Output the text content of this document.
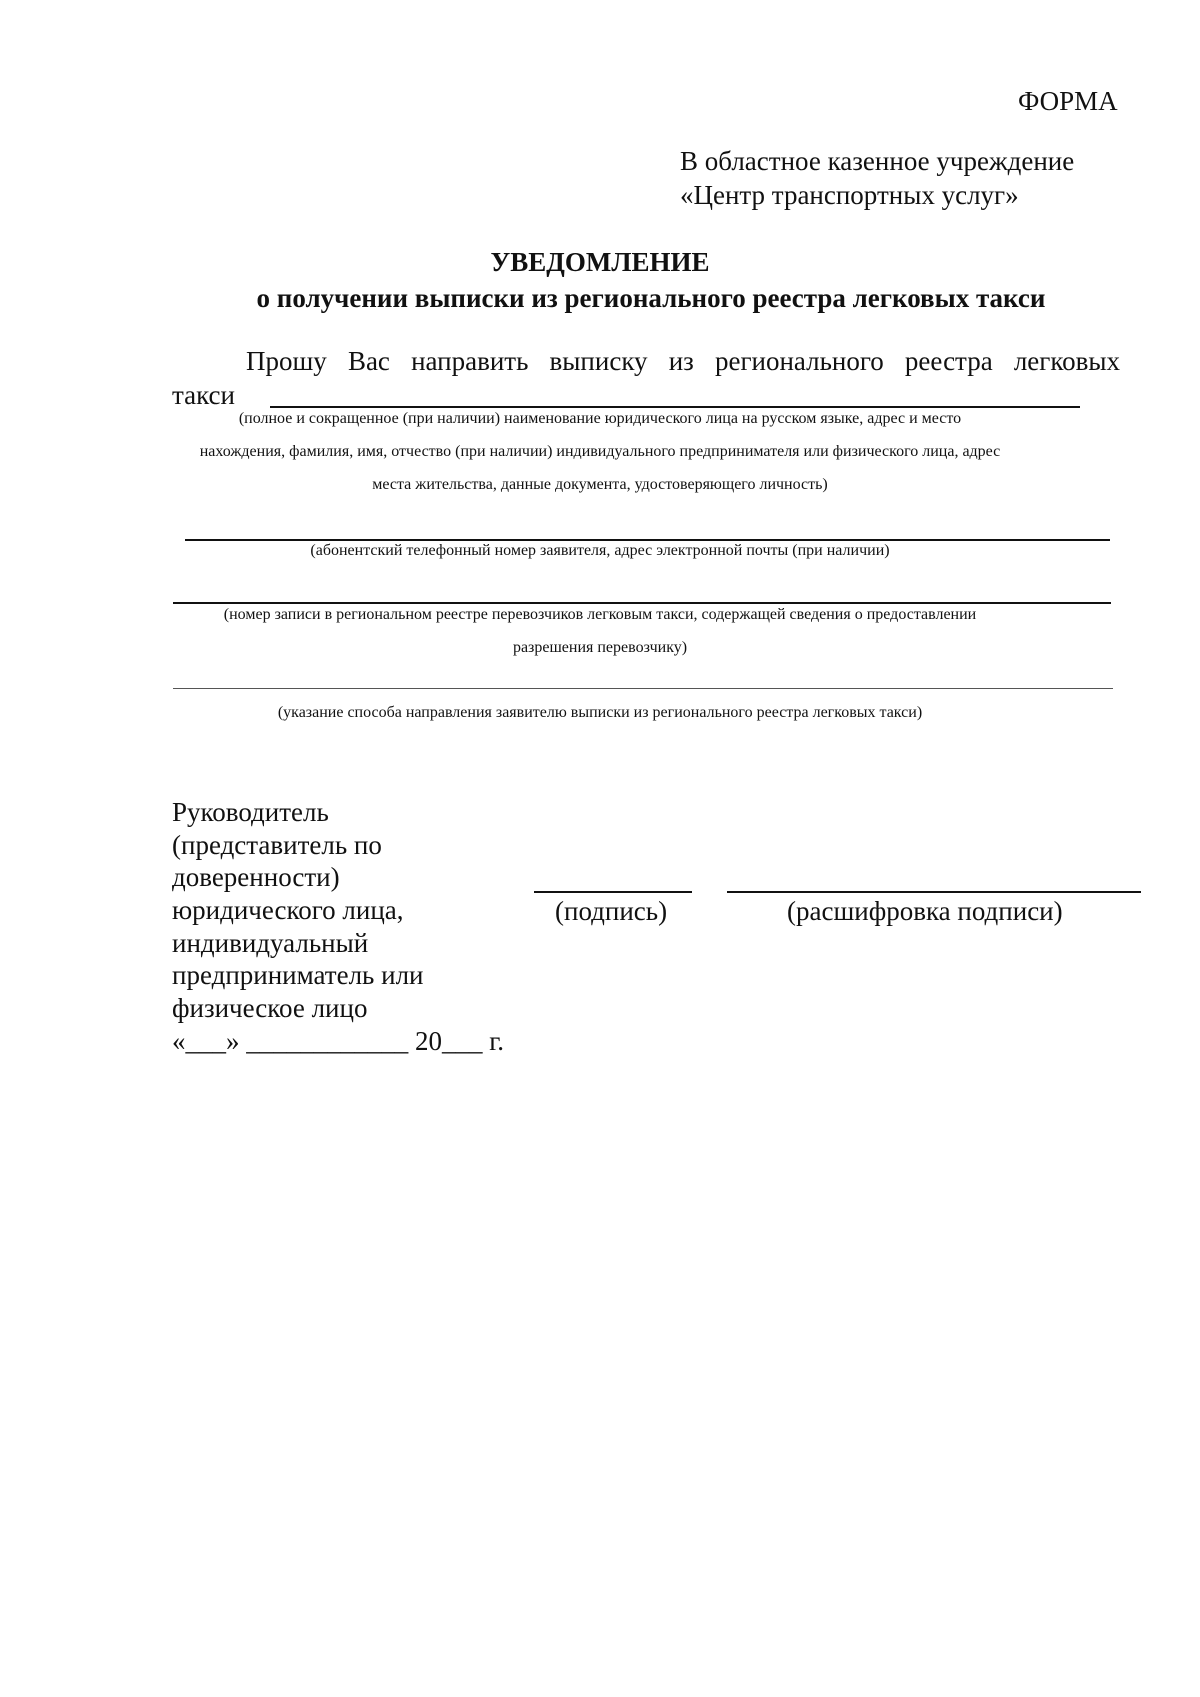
ФОРМА
В областное казенное учреждение
«Центр транспортных услуг»
УВЕДОМЛЕНИЕ
о получении выписки из регионального реестра легковых такси
Прошу Вас направить выписку из регионального реестра легковых
такси
(полное и сокращенное (при наличии) наименование юридического лица на русском языке, адрес и место
нахождения, фамилия, имя, отчество (при наличии) индивидуального предпринимателя или физического лица, адрес
места жительства, данные документа, удостоверяющего личность)
(абонентский телефонный номер заявителя, адрес электронной почты (при наличии)
(номер записи в региональном реестре перевозчиков легковым такси, содержащей сведения о предоставлении
разрешения перевозчику)
(указание способа направления заявителю выписки из регионального реестра легковых такси)
Руководитель
(представитель по
доверенности)
юридического лица,
индивидуальный
предприниматель или
физическое лицо
(подпись)	(расшифровка подписи)
«___» ____________ 20___ г.
